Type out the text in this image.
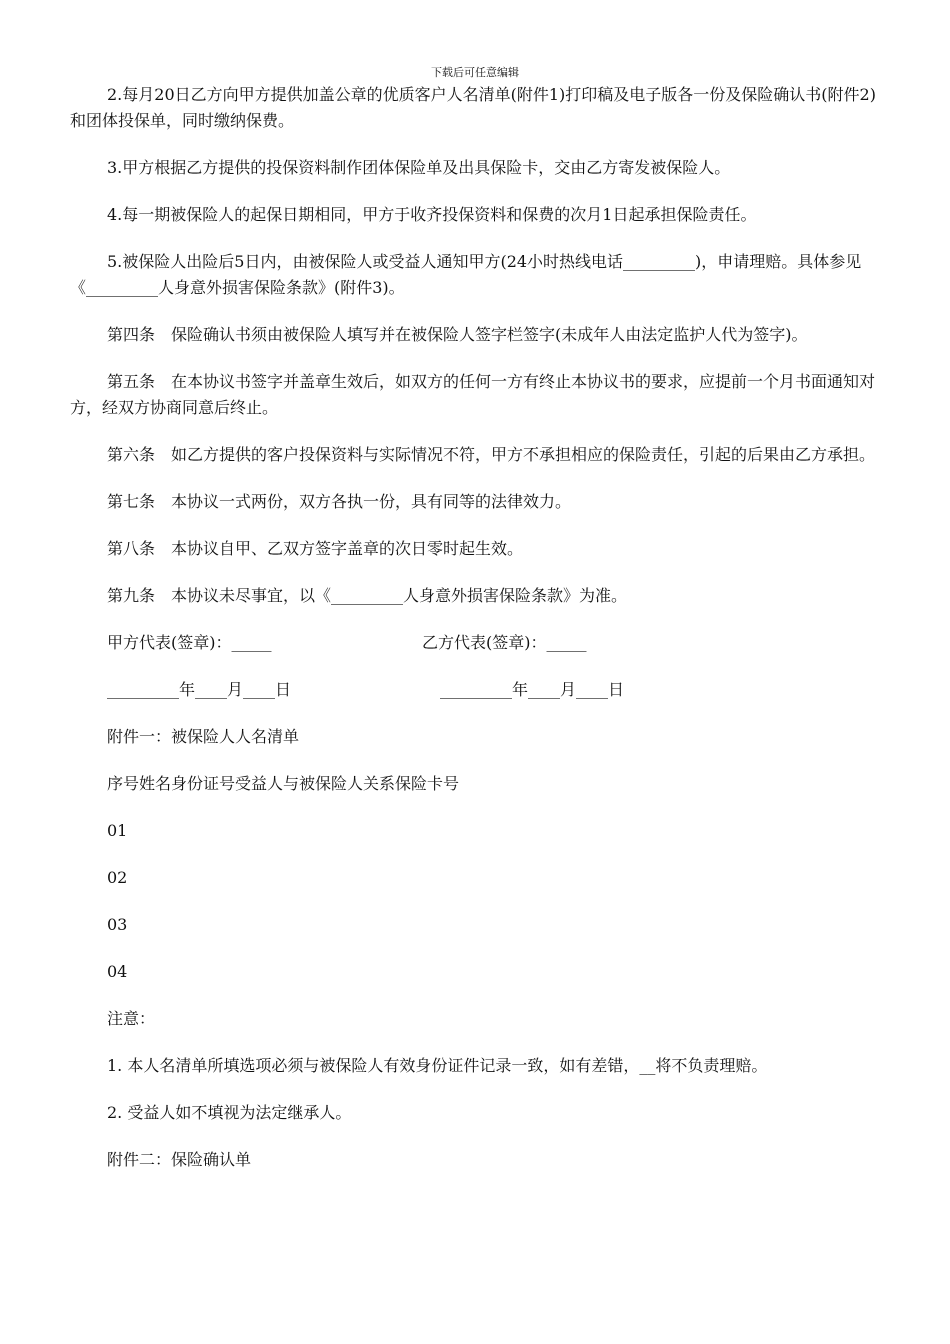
下载后可任意编辑

2.每月20日乙方向甲方提供加盖公章的优质客户人名清单(附件1)打印稿及电子版各一份及保险确认书(附件2)和团体投保单，同时缴纳保费。

3.甲方根据乙方提供的投保资料制作团体保险单及出具保险卡，交由乙方寄发被保险人。

4.每一期被保险人的起保日期相同，甲方于收齐投保资料和保费的次月1日起承担保险责任。

5.被保险人出险后5日内，由被保险人或受益人通知甲方(24小时热线电话_________)，申请理赔。具体参见《_________人身意外损害保险条款》(附件3)。

第四条　保险确认书须由被保险人填写并在被保险人签字栏签字(未成年人由法定监护人代为签字)。

第五条　在本协议书签字并盖章生效后，如双方的任何一方有终止本协议书的要求，应提前一个月书面通知对方，经双方协商同意后终止。

第六条　如乙方提供的客户投保资料与实际情况不符，甲方不承担相应的保险责任，引起的后果由乙方承担。

第七条　本协议一式两份，双方各执一份，具有同等的法律效力。

第八条　本协议自甲、乙双方签字盖章的次日零时起生效。

第九条　本协议未尽事宜，以《_________人身意外损害保险条款》为准。

甲方代表(签章)：_____	乙方代表(签章)：_____
_________年____月____日	_________年____月____日
附件一：被保险人人名清单
序号姓名身份证号受益人与被保险人关系保险卡号
01
02
03
04
注意：
1. 本人名清单所填选项必须与被保险人有效身份证件记录一致，如有差错，__将不负责理赔。
2. 受益人如不填视为法定继承人。
附件二：保险确认单
